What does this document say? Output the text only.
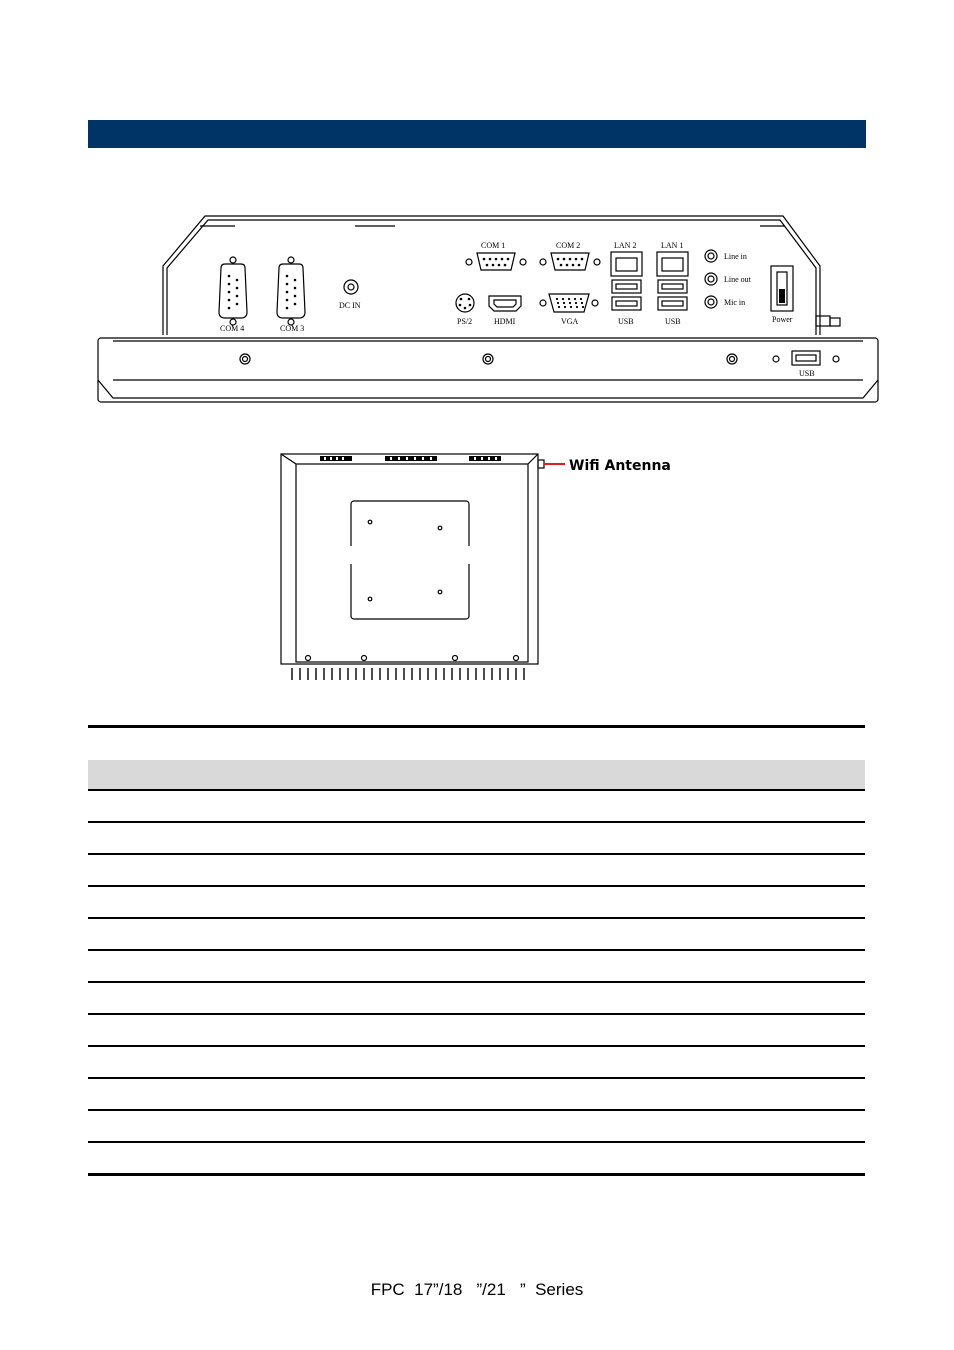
COM 4	COM 3
DC IN
COM 1	COM 2	LAN 2	LAN 1
Line in
Line out
Mic in
PS/2	HDMI	VGA	USB	USB	Power
USB
Wifi Antenna
FPC  17”/18   ”/21   ”  Series
